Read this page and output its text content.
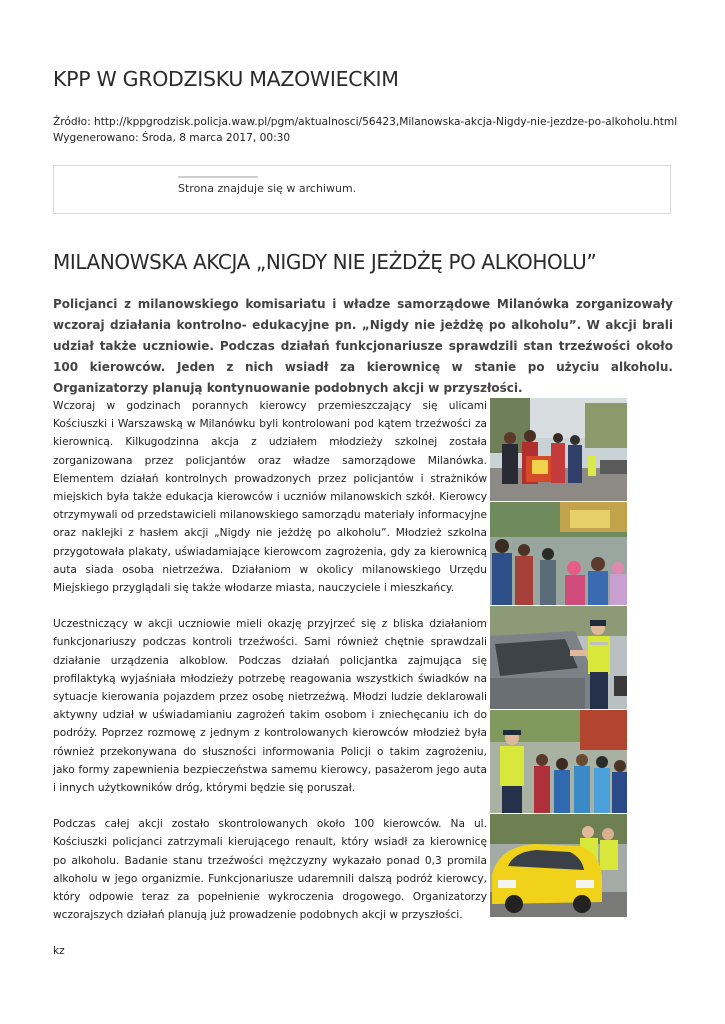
KPP W GRODZISKU MAZOWIECKIM
Źródło: http://kppgrodzisk.policja.waw.pl/pgm/aktualnosci/56423,Milanowska-akcja-Nigdy-nie-jezdze-po-alkoholu.html
Wygenerowano: Środa, 8 marca 2017, 00:30
Strona znajduje się w archiwum.
MILANOWSKA AKCJA „NIGDY NIE JEŻDŻĘ PO ALKOHOLU”

Policjanci z milanowskiego komisariatu i władze samorządowe Milanówka zorganizowały wczoraj działania kontrolno- edukacyjne pn. „Nigdy nie jeżdżę po alkoholu”. W akcji brali udział także uczniowie. Podczas działań funkcjonariusze sprawdzili stan trzeźwości około 100 kierowców. Jeden z nich wsiadł za kierownicę w stanie po użyciu alkoholu. Organizatorzy planują kontynuowanie podobnych akcji w przyszłości.

Wczoraj w godzinach porannych kierowcy przemieszczający się ulicami Kościuszki i Warszawską w Milanówku byli kontrolowani pod kątem trzeźwości za kierownicą. Kilkugodzinna akcja z udziałem młodzieży szkolnej została zorganizowana przez policjantów oraz władze samorządowe Milanówka. Elementem działań kontrolnych prowadzonych przez policjantów i strażników miejskich była także edukacja kierowców i uczniów milanowskich szkół. Kierowcy otrzymywali od przedstawicieli milanowskiego samorządu materiały informacyjne oraz naklejki z hasłem akcji „Nigdy nie jeżdżę po alkoholu”. Młodzież szkolna przygotowała plakaty, uświadamiające kierowcom zagrożenia, gdy za kierownicą auta siada osoba nietrzeźwa. Działaniom w okolicy milanowskiego Urzędu Miejskiego przyglądali się także włodarze miasta, nauczyciele i mieszkańcy.

Uczestniczący w akcji uczniowie mieli okazję przyjrzeć się z bliska działaniom funkcjonariuszy podczas kontroli trzeźwości. Sami również chętnie sprawdzali działanie urządzenia alkoblow. Podczas działań policjantka zajmująca się profilaktyką wyjaśniała młodzieży potrzebę reagowania wszystkich świadków na sytuacje kierowania pojazdem przez osobę nietrzeźwą. Młodzi ludzie deklarowali aktywny udział w uświadamianiu zagrożeń takim osobom i zniechęcaniu ich do podróży. Poprzez rozmowę z jednym z kontrolowanych kierowców młodzież była również przekonywana do słuszności informowania Policji o takim zagrożeniu, jako formy zapewnienia bezpieczeństwa samemu kierowcy, pasażerom jego auta i innych użytkowników dróg, którymi będzie się poruszał.

Podczas całej akcji zostało skontrolowanych około 100 kierowców. Na ul. Kościuszki policjanci zatrzymali kierującego renault, który wsiadł za kierownicę po alkoholu. Badanie stanu trzeźwości mężczyzny wykazało ponad 0,3 promila alkoholu w jego organizmie. Funkcjonariusze udaremnili dalszą podróż kierowcy, który odpowie teraz za popełnienie wykroczenia drogowego. Organizatorzy wczorajszych działań planują już prowadzenie podobnych akcji w przyszłości.

kz
